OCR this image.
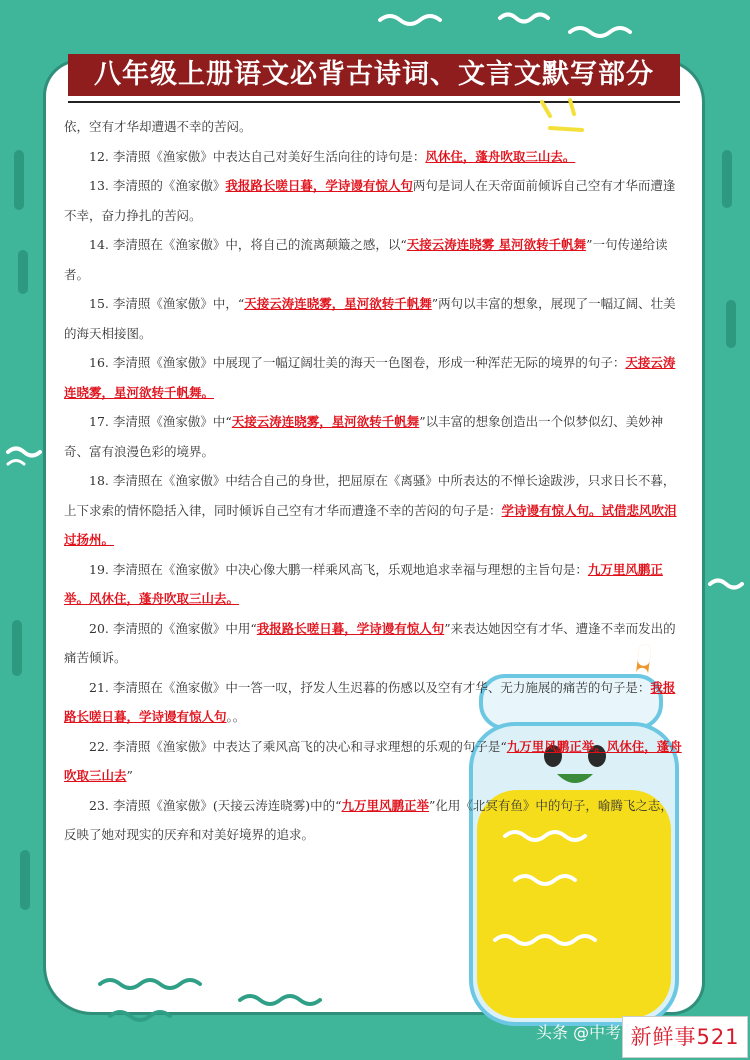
八年级上册语文必背古诗词、文言文默写部分

依，空有才华却遭遇不幸的苦闷。

12. 李清照《渔家傲》中表达自己对美好生活向往的诗句是：风休住，蓬舟吹取三山去。

13. 李清照的《渔家傲》我报路长嗟日暮，学诗谩有惊人句两句是词人在天帝面前倾诉自己空有才华而遭逢不幸，奋力挣扎的苦闷。

14. 李清照在《渔家傲》中，将自己的流离颠簸之感，以“天接云涛连晓雾 星河欲转千帆舞”一句传递给读者。

15. 李清照《渔家傲》中，“天接云涛连晓雾，星河欲转千帆舞”两句以丰富的想象，展现了一幅辽阔、壮美的海天相接图。

16. 李清照《渔家傲》中展现了一幅辽阔壮美的海天一色图卷，形成一种浑茫无际的境界的句子：天接云涛连晓雾，星河欲转千帆舞。

17. 李清照《渔家傲》中“天接云涛连晓雾，星河欲转千帆舞”以丰富的想象创造出一个似梦似幻、美妙神奇、富有浪漫色彩的境界。

18. 李清照在《渔家傲》中结合自己的身世，把屈原在《离骚》中所表达的不惮长途跋涉，只求日长不暮，上下求索的情怀隐括入律，同时倾诉自己空有才华而遭逢不幸的苦闷的句子是：学诗谩有惊人句。试借悲风吹泪过扬州。

19. 李清照在《渔家傲》中决心像大鹏一样乘风高飞，乐观地追求幸福与理想的主旨句是：九万里风鹏正举。风休住，蓬舟吹取三山去。

20. 李清照的《渔家傲》中用“我报路长嗟日暮，学诗谩有惊人句”来表达她因空有才华、遭逢不幸而发出的痛苦倾诉。

21. 李清照在《渔家傲》中一答一叹，抒发人生迟暮的伤感以及空有才华、无力施展的痛苦的句子是：我报路长嗟日暮，学诗谩有惊人句。。

22. 李清照《渔家傲》中表达了乘风高飞的决心和寻求理想的乐观的句子是“九万里风鹏正举。风休住，蓬舟吹取三山去”

23. 李清照《渔家傲》(天接云涛连晓雾)中的“九万里风鹏正举”化用《北冥有鱼》中的句子，喻腾飞之志，反映了她对现实的厌弃和对美好境界的追求。

头条 @中考 新鲜事521
